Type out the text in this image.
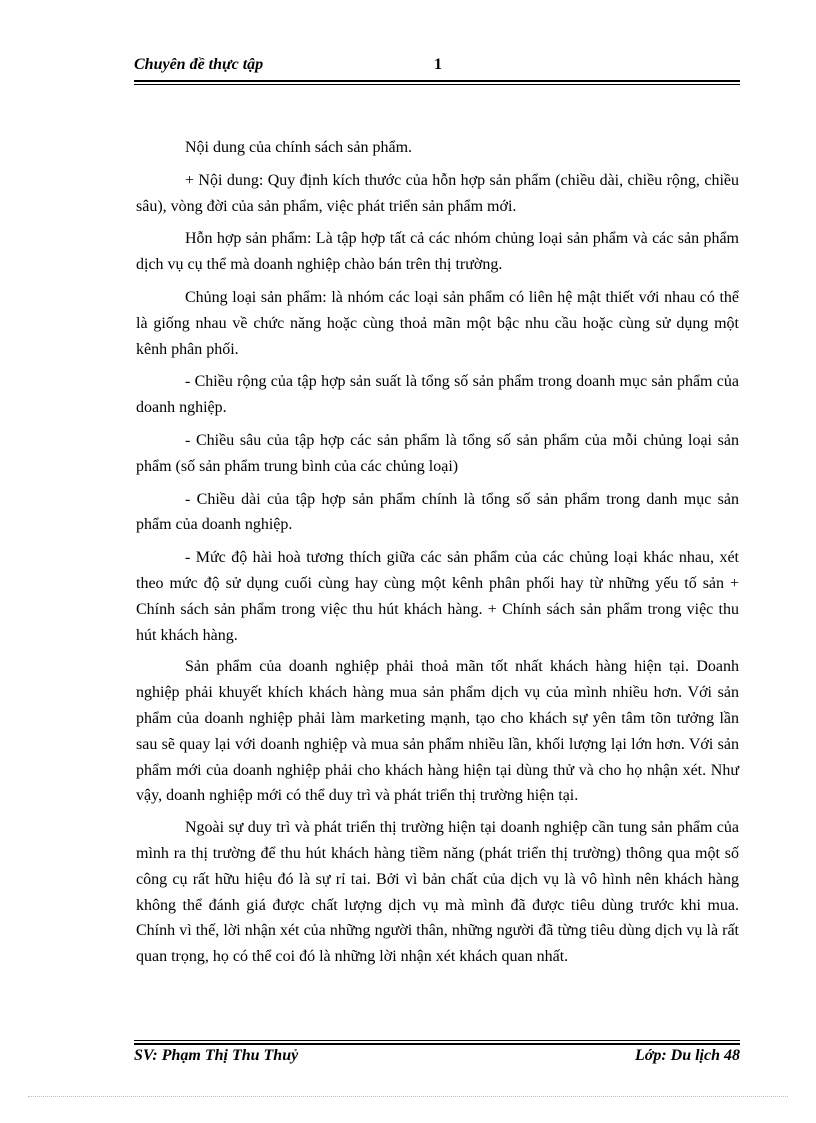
Chuyên đề thực tập	1

Nội dung của chính sách sản phẩm.

+ Nội dung: Quy định kích thước của hỗn hợp sản phẩm (chiều dài, chiều rộng, chiều sâu), vòng đời của sản phẩm, việc phát triển sản phẩm mới.

Hỗn hợp sản phẩm: Là tập hợp tất cả các nhóm chủng loại sản phẩm và các sản phẩm dịch vụ cụ thể mà doanh nghiệp chào bán trên thị trường.

Chủng loại sản phẩm: là nhóm các loại sản phẩm có liên hệ mật thiết với nhau có thể là giống nhau về chức năng hoặc cùng thoả mãn một bậc nhu cầu hoặc cùng sử dụng một kênh phân phối.

- Chiều rộng của tập hợp sản suất là tổng số sản phẩm trong doanh mục sản phẩm của doanh nghiệp.

- Chiều sâu của tập hợp các sản phẩm là tổng số sản phẩm của mỗi chủng loại sản phẩm (số sản phẩm trung bình của các chủng loại)

- Chiều dài của tập hợp sản phẩm chính là tổng số sản phẩm trong danh mục sản phẩm của doanh nghiệp.

- Mức độ hài hoà tương thích giữa các sản phẩm của các chủng loại khác nhau, xét theo mức độ sử dụng cuối cùng hay cùng một kênh phân phối hay từ những yếu tố sản + Chính sách sản phẩm trong việc thu hút khách hàng. + Chính sách sản phẩm trong việc thu hút khách hàng.

Sản phẩm của doanh nghiệp phải thoả mãn tốt nhất khách hàng hiện tại. Doanh nghiệp phải khuyết khích khách hàng mua sản phẩm dịch vụ của mình nhiều hơn. Với sản phẩm của doanh nghiệp phải làm marketing mạnh, tạo cho khách sự yên tâm tõn tưởng lần sau sẽ quay lại với doanh nghiệp và mua sản phẩm nhiều lần, khối lượng lại lớn hơn. Với sản phẩm mới của doanh nghiệp phải cho khách hàng hiện tại dùng thử và cho họ nhận xét. Như vậy, doanh nghiệp mới có thể duy trì và phát triển thị trường hiện tại.

Ngoài sự duy trì và phát triển thị trường hiện tại doanh nghiệp cần tung sản phẩm của mình ra thị trường để thu hút khách hàng tiềm năng (phát triển thị trường) thông qua một số công cụ rất hữu hiệu đó là sự rỉ tai. Bởi vì bản chất của dịch vụ là vô hình nên khách hàng không thể đánh giá được chất lượng dịch vụ mà mình đã được tiêu dùng trước khi mua. Chính vì thế, lời nhận xét của những người thân, những người đã từng tiêu dùng dịch vụ là rất quan trọng, họ có thể coi đó là những lời nhận xét khách quan nhất.

SV: Phạm Thị Thu Thuỷ	Lớp: Du lịch 48
